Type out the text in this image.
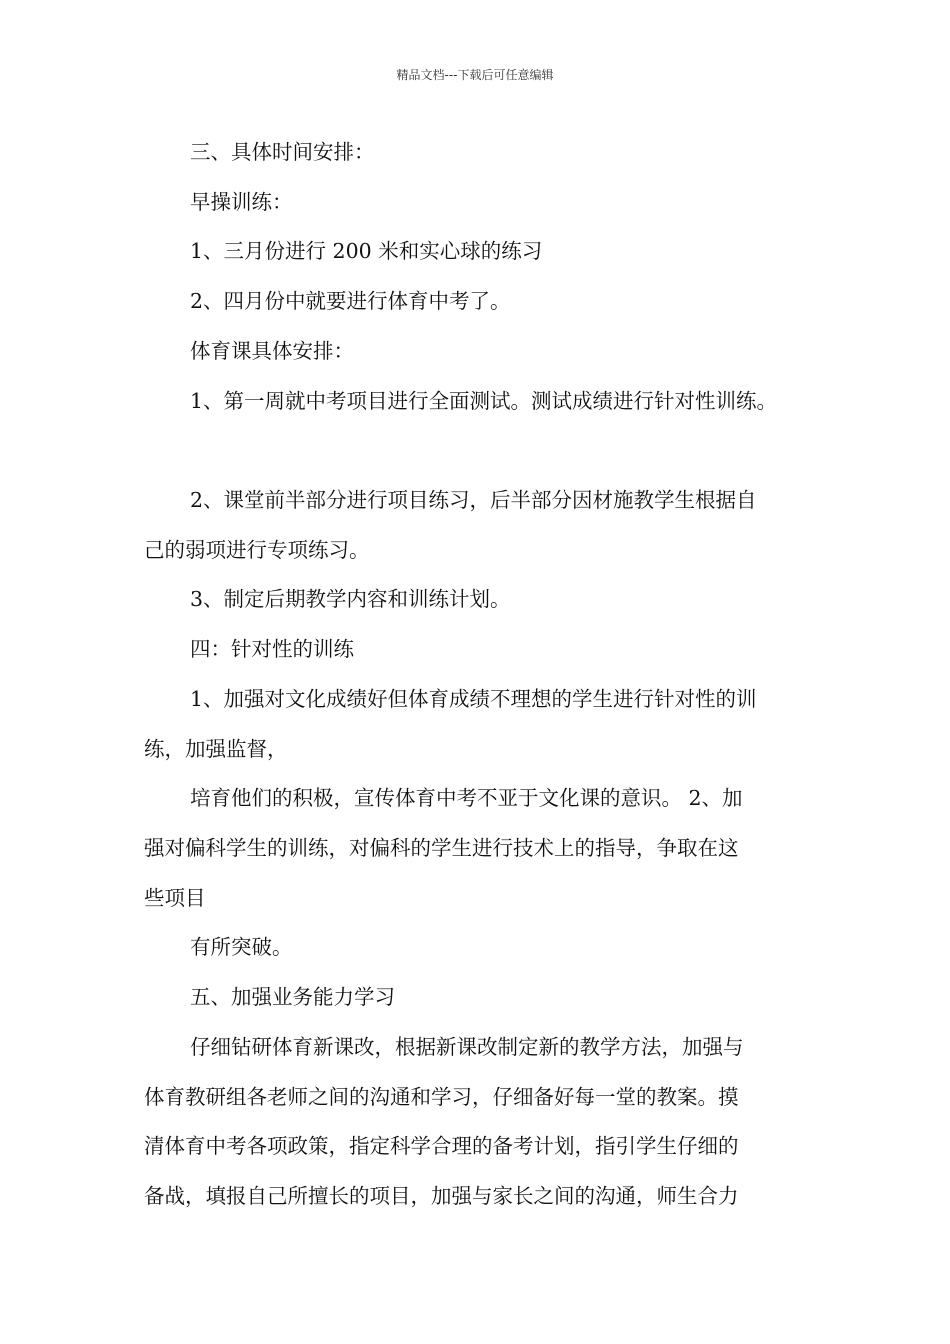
精品文档---下载后可任意编辑
三、具体时间安排：
早操训练：
1、三月份进行 200 米和实心球的练习
2、四月份中就要进行体育中考了。
体育课具体安排：
1、第一周就中考项目进行全面测试。测试成绩进行针对性训练。
2、课堂前半部分进行项目练习，后半部分因材施教学生根据自
己的弱项进行专项练习。
3、制定后期教学内容和训练计划。
四：针对性的训练
1、加强对文化成绩好但体育成绩不理想的学生进行针对性的训
练，加强监督，
培育他们的积极，宣传体育中考不亚于文化课的意识。 2、加
强对偏科学生的训练，对偏科的学生进行技术上的指导，争取在这
些项目
有所突破。
五、加强业务能力学习
仔细钻研体育新课改，根据新课改制定新的教学方法，加强与
体育教研组各老师之间的沟通和学习，仔细备好每一堂的教案。摸
清体育中考各项政策，指定科学合理的备考计划，指引学生仔细的
备战，填报自己所擅长的项目，加强与家长之间的沟通，师生合力
